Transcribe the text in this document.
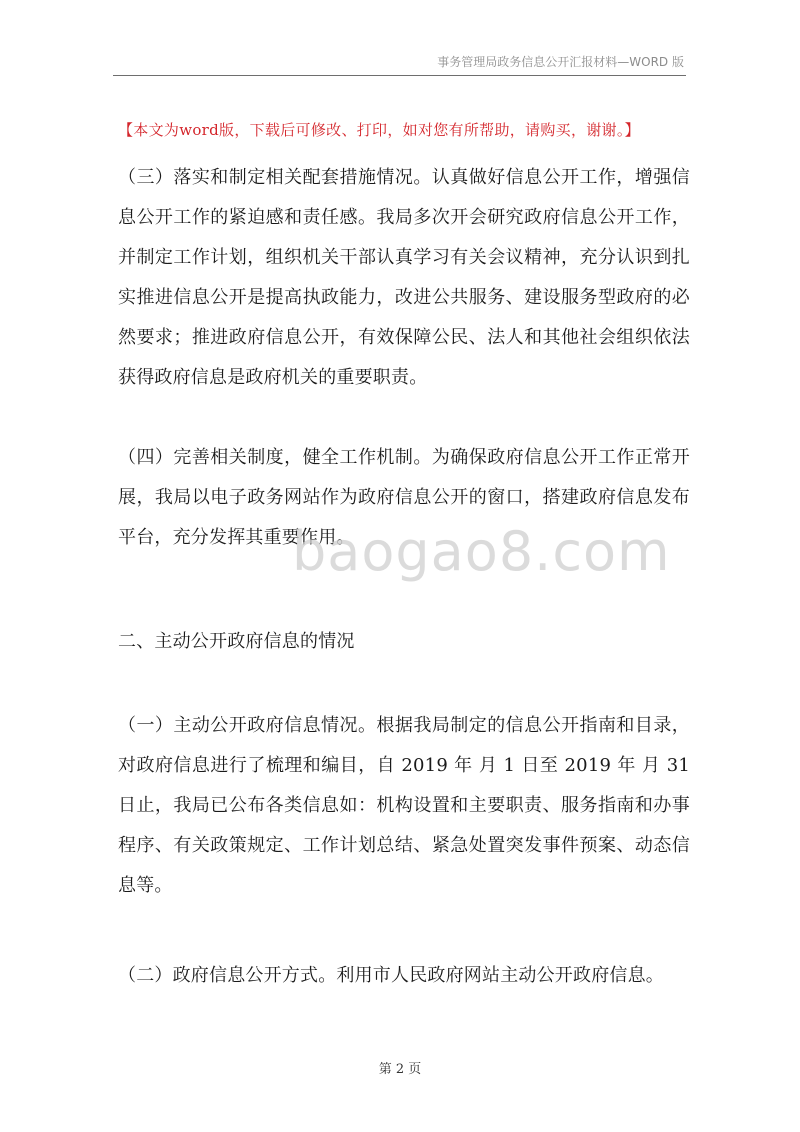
事务管理局政务信息公开汇报材料—WORD 版
【本文为word版，下载后可修改、打印，如对您有所帮助，请购买，谢谢。】
（三）落实和制定相关配套措施情况。认真做好信息公开工作，增强信息公开工作的紧迫感和责任感。我局多次开会研究政府信息公开工作，并制定工作计划，组织机关干部认真学习有关会议精神，充分认识到扎实推进信息公开是提高执政能力，改进公共服务、建设服务型政府的必然要求；推进政府信息公开，有效保障公民、法人和其他社会组织依法获得政府信息是政府机关的重要职责。
（四）完善相关制度，健全工作机制。为确保政府信息公开工作正常开展，我局以电子政务网站作为政府信息公开的窗口，搭建政府信息发布平台，充分发挥其重要作用。
二、主动公开政府信息的情况
（一）主动公开政府信息情况。根据我局制定的信息公开指南和目录，对政府信息进行了梳理和编目，自 2019 年 月 1 日至 2019 年 月 31 日止，我局已公布各类信息如：机构设置和主要职责、服务指南和办事程序、有关政策规定、工作计划总结、紧急处置突发事件预案、动态信息等。
（二）政府信息公开方式。利用市人民政府网站主动公开政府信息。
baogao8.com
第 2 页
